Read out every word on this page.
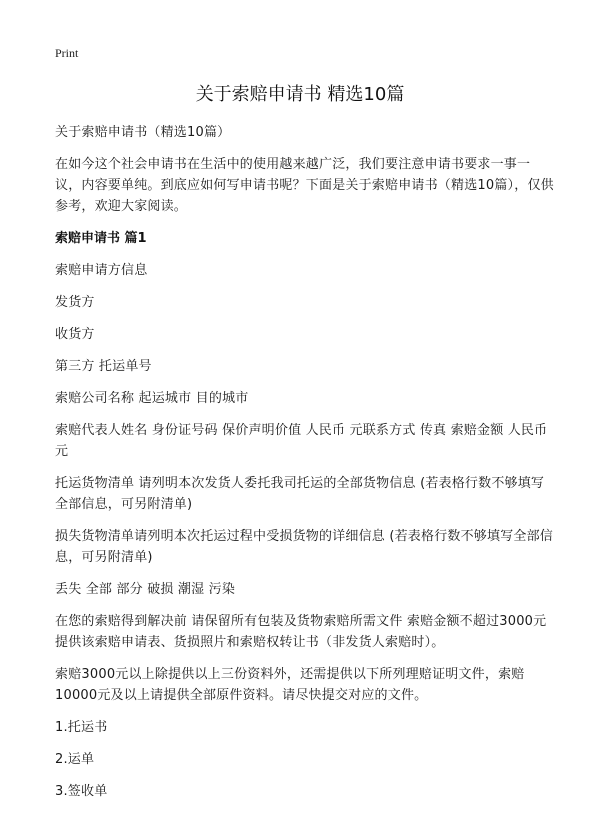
Print
关于索赔申请书 精选10篇

关于索赔申请书（精选10篇）

在如今这个社会申请书在生活中的使用越来越广泛，我们要注意申请书要求一事一议，内容要单纯。到底应如何写申请书呢？下面是关于索赔申请书（精选10篇），仅供参考，欢迎大家阅读。

索赔申请书 篇1

索赔申请方信息

发货方

收货方

第三方 托运单号

索赔公司名称 起运城市 目的城市

索赔代表人姓名 身份证号码 保价声明价值 人民币 元联系方式 传真 索赔金额 人民币 元

托运货物清单 请列明本次发货人委托我司托运的全部货物信息 (若表格行数不够填写全部信息，可另附清单)

损失货物清单请列明本次托运过程中受损货物的详细信息 (若表格行数不够填写全部信息，可另附清单)

丢失 全部 部分 破损 潮湿 污染

在您的索赔得到解决前 请保留所有包装及货物索赔所需文件 索赔金额不超过3000元提供该索赔申请表、货损照片和索赔权转让书（非发货人索赔时）。

索赔3000元以上除提供以上三份资料外，还需提供以下所列理赔证明文件，索赔10000元及以上请提供全部原件资料。请尽快提交对应的文件。

1.托运书

2.运单

3.签收单
